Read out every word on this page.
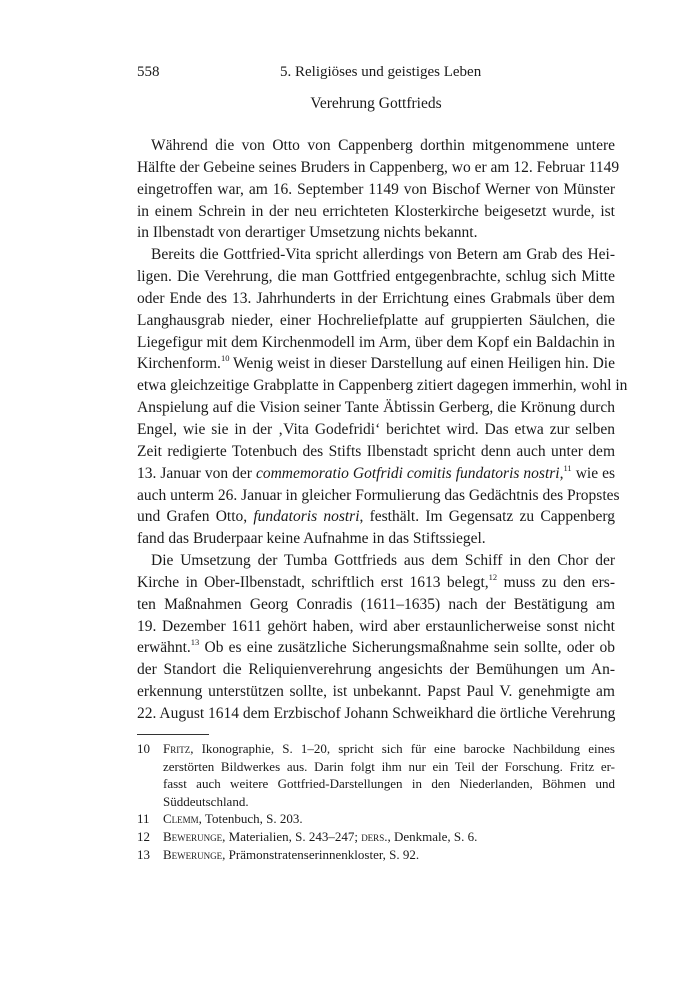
558	5. Religiöses und geistiges Leben
Verehrung Gottfrieds
Während die von Otto von Cappenberg dorthin mitgenommene untere
Hälfte der Gebeine seines Bruders in Cappenberg, wo er am 12. Februar 1149
eingetroffen war, am 16. September 1149 von Bischof Werner von Münster
in einem Schrein in der neu errichteten Klosterkirche beigesetzt wurde, ist
in Ilbenstadt von derartiger Umsetzung nichts bekannt.
Bereits die Gottfried-Vita spricht allerdings von Betern am Grab des Hei-
ligen. Die Verehrung, die man Gottfried entgegenbrachte, schlug sich Mitte
oder Ende des 13. Jahrhunderts in der Errichtung eines Grabmals über dem
Langhausgrab nieder, einer Hochreliefplatte auf gruppierten Säulchen, die
Liegefigur mit dem Kirchenmodell im Arm, über dem Kopf ein Baldachin in
Kirchenform.$^{10}$ Wenig weist in dieser Darstellung auf einen Heiligen hin. Die
etwa gleichzeitige Grabplatte in Cappenberg zitiert dagegen immerhin, wohl in
Anspielung auf die Vision seiner Tante Äbtissin Gerberg, die Krönung durch
Engel, wie sie in der ‚Vita Godefridi‘ berichtet wird. Das etwa zur selben
Zeit redigierte Totenbuch des Stifts Ilbenstadt spricht denn auch unter dem
13. Januar von der commemoratio Gotfridi comitis fundatoris nostri,$^{11}$ wie es
auch unterm 26. Januar in gleicher Formulierung das Gedächtnis des Propstes
und Grafen Otto, fundatoris nostri, festhält. Im Gegensatz zu Cappenberg
fand das Bruderpaar keine Aufnahme in das Stiftssiegel.
Die Umsetzung der Tumba Gottfrieds aus dem Schiff in den Chor der
Kirche in Ober-Ilbenstadt, schriftlich erst 1613 belegt,$^{12}$ muss zu den ers-
ten Maßnahmen Georg Conradis (1611–1635) nach der Bestätigung am
19. Dezember 1611 gehört haben, wird aber erstaunlicherweise sonst nicht
erwähnt.$^{13}$ Ob es eine zusätzliche Sicherungsmaßnahme sein sollte, oder ob
der Standort die Reliquienverehrung angesichts der Bemühungen um An-
erkennung unterstützen sollte, ist unbekannt. Papst Paul V. genehmigte am
22. August 1614 dem Erzbischof Johann Schweikhard die örtliche Verehrung
10 Fritz, Ikonographie, S. 1–20, spricht sich für eine barocke Nachbildung eines
zerstörten Bildwerkes aus. Darin folgt ihm nur ein Teil der Forschung. Fritz er-
fasst auch weitere Gottfried-Darstellungen in den Niederlanden, Böhmen und
Süddeutschland.
11 Clemm, Totenbuch, S. 203.
12 Bewerunge, Materialien, S. 243–247; ders., Denkmale, S. 6.
13 Bewerunge, Prämonstratenserinnenkloster, S. 92.
